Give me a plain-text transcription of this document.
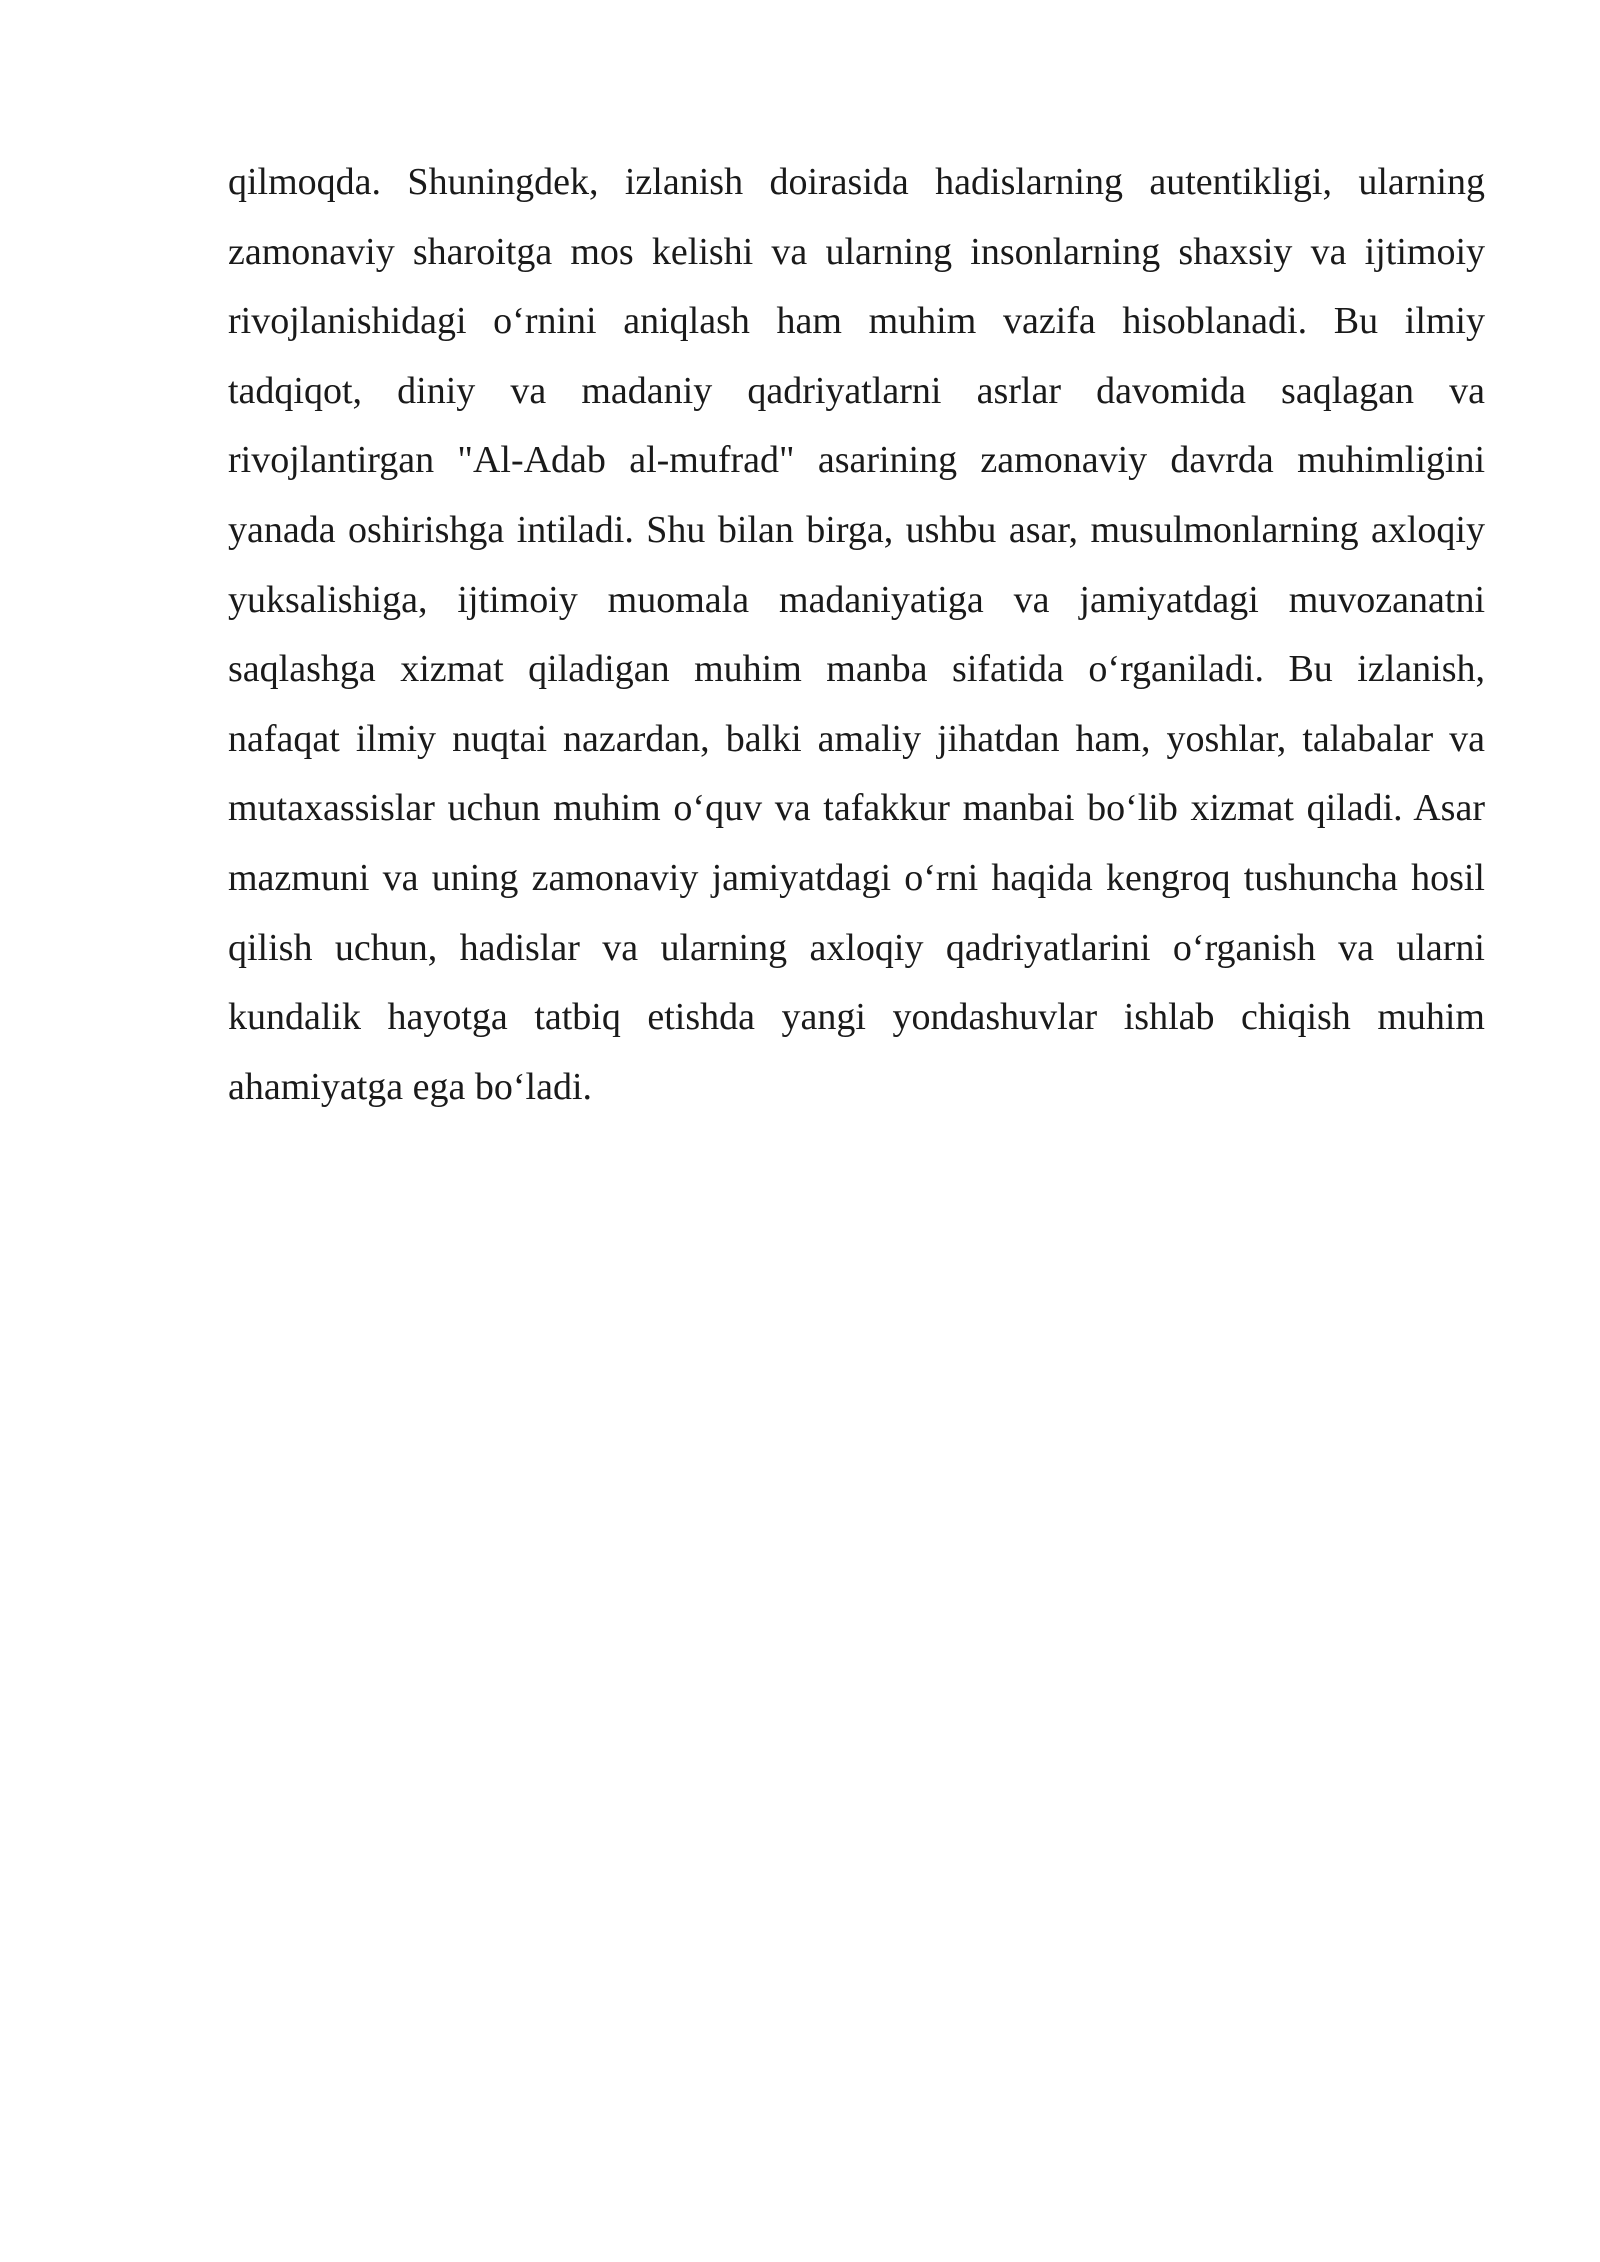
qilmoqda. Shuningdek, izlanish doirasida hadislarning autentikligi, ularning zamonaviy sharoitga mos kelishi va ularning insonlarning shaxsiy va ijtimoiy rivojlanishidagi o‘rnini aniqlash ham muhim vazifa hisoblanadi. Bu ilmiy tadqiqot, diniy va madaniy qadriyatlarni asrlar davomida saqlagan va rivojlantirgan "Al-Adab al-mufrad" asarining zamonaviy davrda muhimligini yanada oshirishga intiladi. Shu bilan birga, ushbu asar, musulmonlarning axloqiy yuksalishiga, ijtimoiy muomala madaniyatiga va jamiyatdagi muvozanatni saqlashga xizmat qiladigan muhim manba sifatida o‘rganiladi. Bu izlanish, nafaqat ilmiy nuqtai nazardan, balki amaliy jihatdan ham, yoshlar, talabalar va mutaxassislar uchun muhim o‘quv va tafakkur manbai bo‘lib xizmat qiladi. Asar mazmuni va uning zamonaviy jamiyatdagi o‘rni haqida kengroq tushuncha hosil qilish uchun, hadislar va ularning axloqiy qadriyatlarini o‘rganish va ularni kundalik hayotga tatbiq etishda yangi yondashuvlar ishlab chiqish muhim ahamiyatga ega bo‘ladi.
